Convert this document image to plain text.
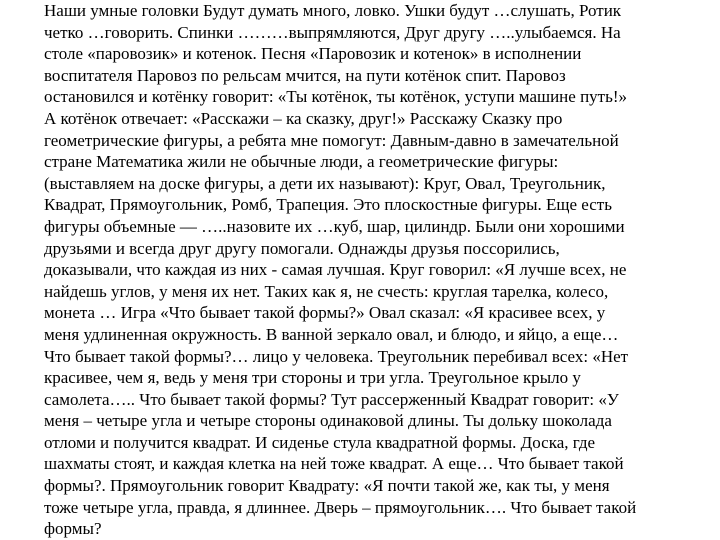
Наши умные головки Будут думать много, ловко. Ушки будут …слушать, Ротик
четко …говорить. Спинки ………выпрямляются, Друг другу …..улыбаемся. На
столе «паровозик» и котенок. Песня «Паровозик и котенок» в исполнении
воспитателя Паровоз по рельсам мчится, на пути котёнок спит. Паровоз
остановился и котёнку говорит: «Ты котёнок, ты котёнок, уступи машине путь!»
А котёнок отвечает: «Расскажи – ка сказку, друг!» Расскажу Сказку про
геометрические фигуры, а ребята мне помогут: Давным-давно в замечательной
стране Математика жили не обычные люди, а геометрические фигуры:
(выставляем на доске фигуры, а дети их называют): Круг, Овал, Треугольник,
Квадрат, Прямоугольник, Ромб, Трапеция. Это плоскостные фигуры. Еще есть
фигуры объемные — …..назовите их …куб, шар, цилиндр. Были они хорошими
друзьями и всегда друг другу помогали. Однажды друзья поссорились,
доказывали, что каждая из них - самая лучшая. Круг говорил: «Я лучше всех, не
найдешь углов, у меня их нет. Таких как я, не счесть: круглая тарелка, колесо,
монета … Игра «Что бывает такой формы?» Овал сказал: «Я красивее всех, у
меня удлиненная окружность. В ванной зеркало овал, и блюдо, и яйцо, а еще…
Что бывает такой формы?… лицо у человека. Треугольник перебивал всех: «Нет
красивее, чем я, ведь у меня три стороны и три угла. Треугольное крыло у
самолета….. Что бывает такой формы? Тут рассерженный Квадрат говорит: «У
меня – четыре угла и четыре стороны одинаковой длины. Ты дольку шоколада
отломи и получится квадрат. И сиденье стула квадратной формы. Доска, где
шахматы стоят, и каждая клетка на ней тоже квадрат. А еще… Что бывает такой
формы?. Прямоугольник говорит Квадрату: «Я почти такой же, как ты, у меня
тоже четыре угла, правда, я длиннее. Дверь – прямоугольник…. Что бывает такой
формы?
